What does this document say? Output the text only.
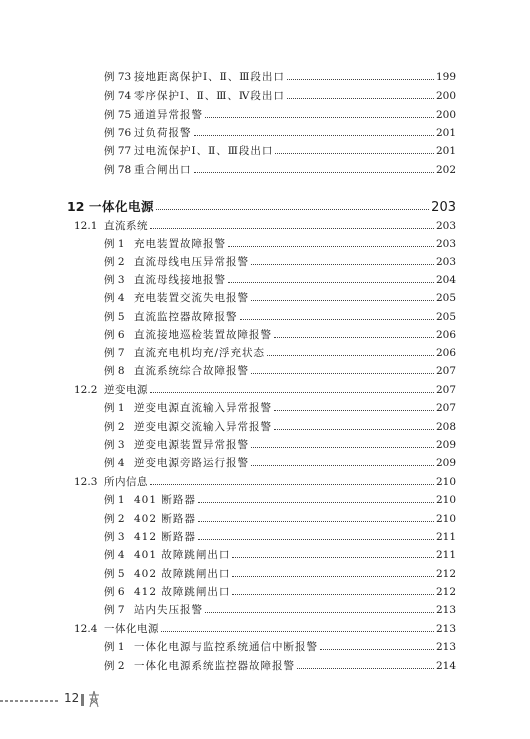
例 73 接地距离保护Ⅰ、Ⅱ、Ⅲ段出口	199
例 74 零序保护Ⅰ、Ⅱ、Ⅲ、Ⅳ段出口	200
例 75 通道异常报警	200
例 76 过负荷报警	201
例 77 过电流保护Ⅰ、Ⅱ、Ⅲ段出口	201
例 78 重合闸出口	202
12 一体化电源	203
12.1 直流系统	203
例 1 充电装置故障报警	203
例 2 直流母线电压异常报警	203
例 3 直流母线接地报警	204
例 4 充电装置交流失电报警	205
例 5 直流监控器故障报警	205
例 6 直流接地巡检装置故障报警	206
例 7 直流充电机均充/浮充状态	206
例 8 直流系统综合故障报警	207
12.2 逆变电源	207
例 1 逆变电源直流输入异常报警	207
例 2 逆变电源交流输入异常报警	208
例 3 逆变电源装置异常报警	209
例 4 逆变电源旁路运行报警	209
12.3 所内信息	210
例 1 401 断路器	210
例 2 402 断路器	210
例 3 412 断路器	211
例 4 401 故障跳闸出口	211
例 5 402 故障跳闸出口	212
例 6 412 故障跳闸出口	212
例 7 站内失压报警	213
12.4 一体化电源	213
例 1 一体化电源与监控系统通信中断报警	213
例 2 一体化电源系统监控器故障报警	214
12
